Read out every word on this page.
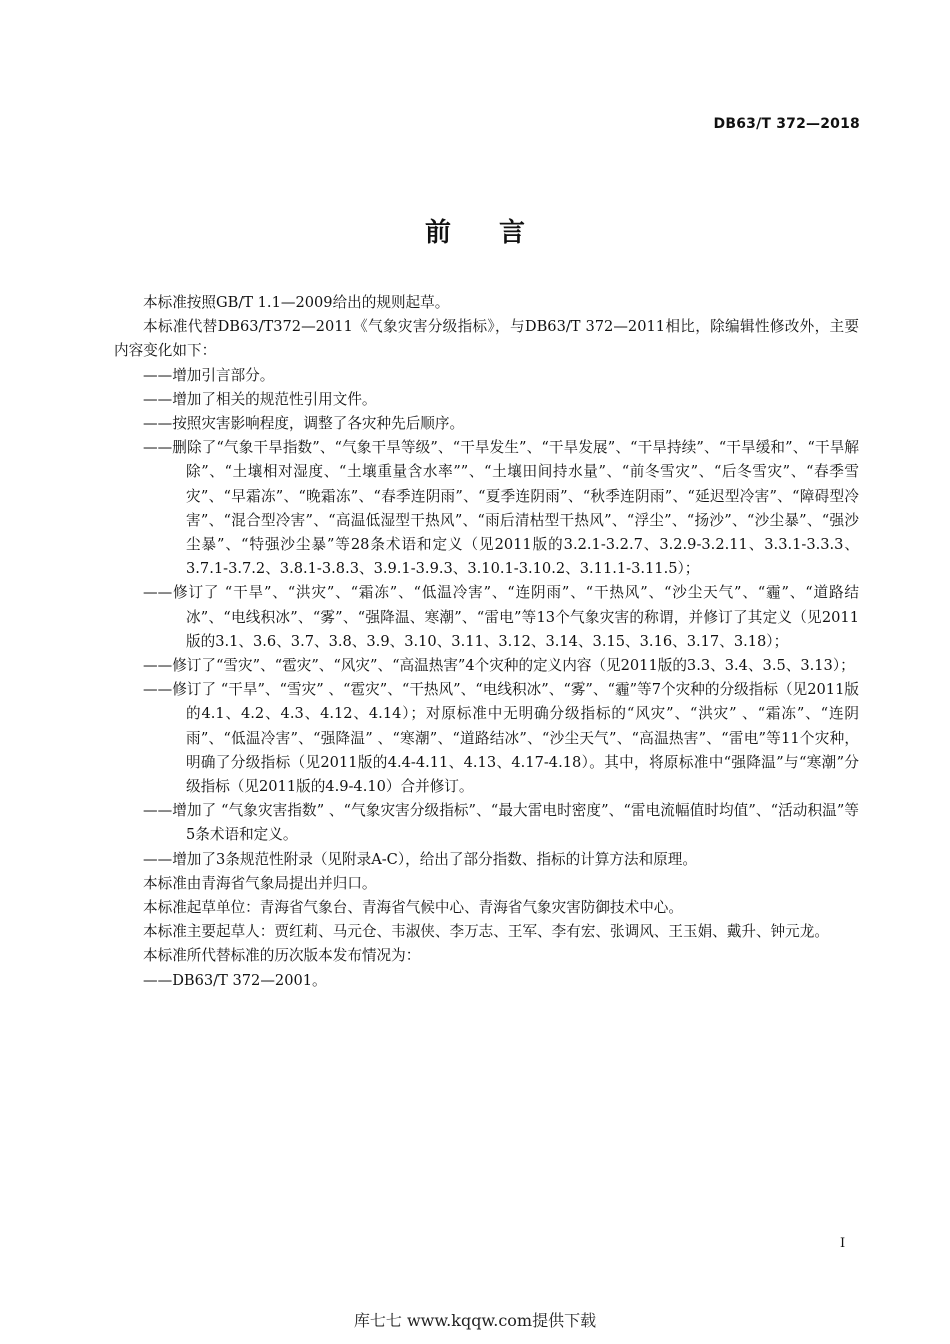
DB63/T 372—2018
前言

本标准按照GB/T 1.1—2009给出的规则起草。

本标准代替DB63/T372—2011《气象灾害分级指标》，与DB63/T 372—2011相比，除编辑性修改外，主要内容变化如下：

——增加引言部分。

——增加了相关的规范性引用文件。

——按照灾害影响程度，调整了各灾种先后顺序。

——删除了“气象干旱指数”、“气象干旱等级”、“干旱发生”、“干旱发展”、“干旱持续”、“干旱缓和”、“干旱解除”、“土壤相对湿度、“土壤重量含水率””、“土壤田间持水量”、“前冬雪灾”、“后冬雪灾”、“春季雪灾”、“早霜冻”、“晚霜冻”、“春季连阴雨”、“夏季连阴雨”、“秋季连阴雨”、“延迟型冷害”、“障碍型冷害”、“混合型冷害”、“高温低湿型干热风”、“雨后清枯型干热风”、“浮尘”、“扬沙”、“沙尘暴”、“强沙尘暴”、“特强沙尘暴”等28条术语和定义（见2011版的3.2.1-3.2.7、3.2.9-3.2.11、3.3.1-3.3.3、3.7.1-3.7.2、3.8.1-3.8.3、3.9.1-3.9.3、3.10.1-3.10.2、3.11.1-3.11.5）；

——修订了 “干旱”、“洪灾”、“霜冻”、“低温冷害”、“连阴雨”、“干热风”、“沙尘天气”、“霾”、“道路结冰”、“电线积冰”、“雾”、“强降温、寒潮”、“雷电”等13个气象灾害的称谓，并修订了其定义（见2011版的3.1、3.6、3.7、3.8、3.9、3.10、3.11、3.12、3.14、3.15、3.16、3.17、3.18）；

——修订了“雪灾”、“雹灾”、“风灾”、“高温热害”4个灾种的定义内容（见2011版的3.3、3.4、3.5、3.13）；

——修订了 “干旱”、“雪灾” 、“雹灾”、“干热风”、“电线积冰”、“雾”、“霾”等7个灾种的分级指标（见2011版的4.1、4.2、4.3、4.12、4.14）；对原标准中无明确分级指标的“风灾”、“洪灾” 、“霜冻”、“连阴雨”、“低温冷害”、“强降温” 、“寒潮”、“道路结冰”、“沙尘天气”、“高温热害”、“雷电”等11个灾种，明确了分级指标（见2011版的4.4-4.11、4.13、4.17-4.18）。其中，将原标准中“强降温”与“寒潮”分级指标（见2011版的4.9-4.10）合并修订。

——增加了 “气象灾害指数” 、“气象灾害分级指标”、“最大雷电时密度”、“雷电流幅值时均值”、“活动积温”等5条术语和定义。

——增加了3条规范性附录（见附录A-C），给出了部分指数、指标的计算方法和原理。

本标准由青海省气象局提出并归口。

本标准起草单位：青海省气象台、青海省气候中心、青海省气象灾害防御技术中心。

本标准主要起草人：贾红莉、马元仓、韦淑侠、李万志、王军、李有宏、张调风、王玉娟、戴升、钟元龙。

本标准所代替标准的历次版本发布情况为：

——DB63/T 372—2001。

I
库七七 www.kqqw.com提供下载
